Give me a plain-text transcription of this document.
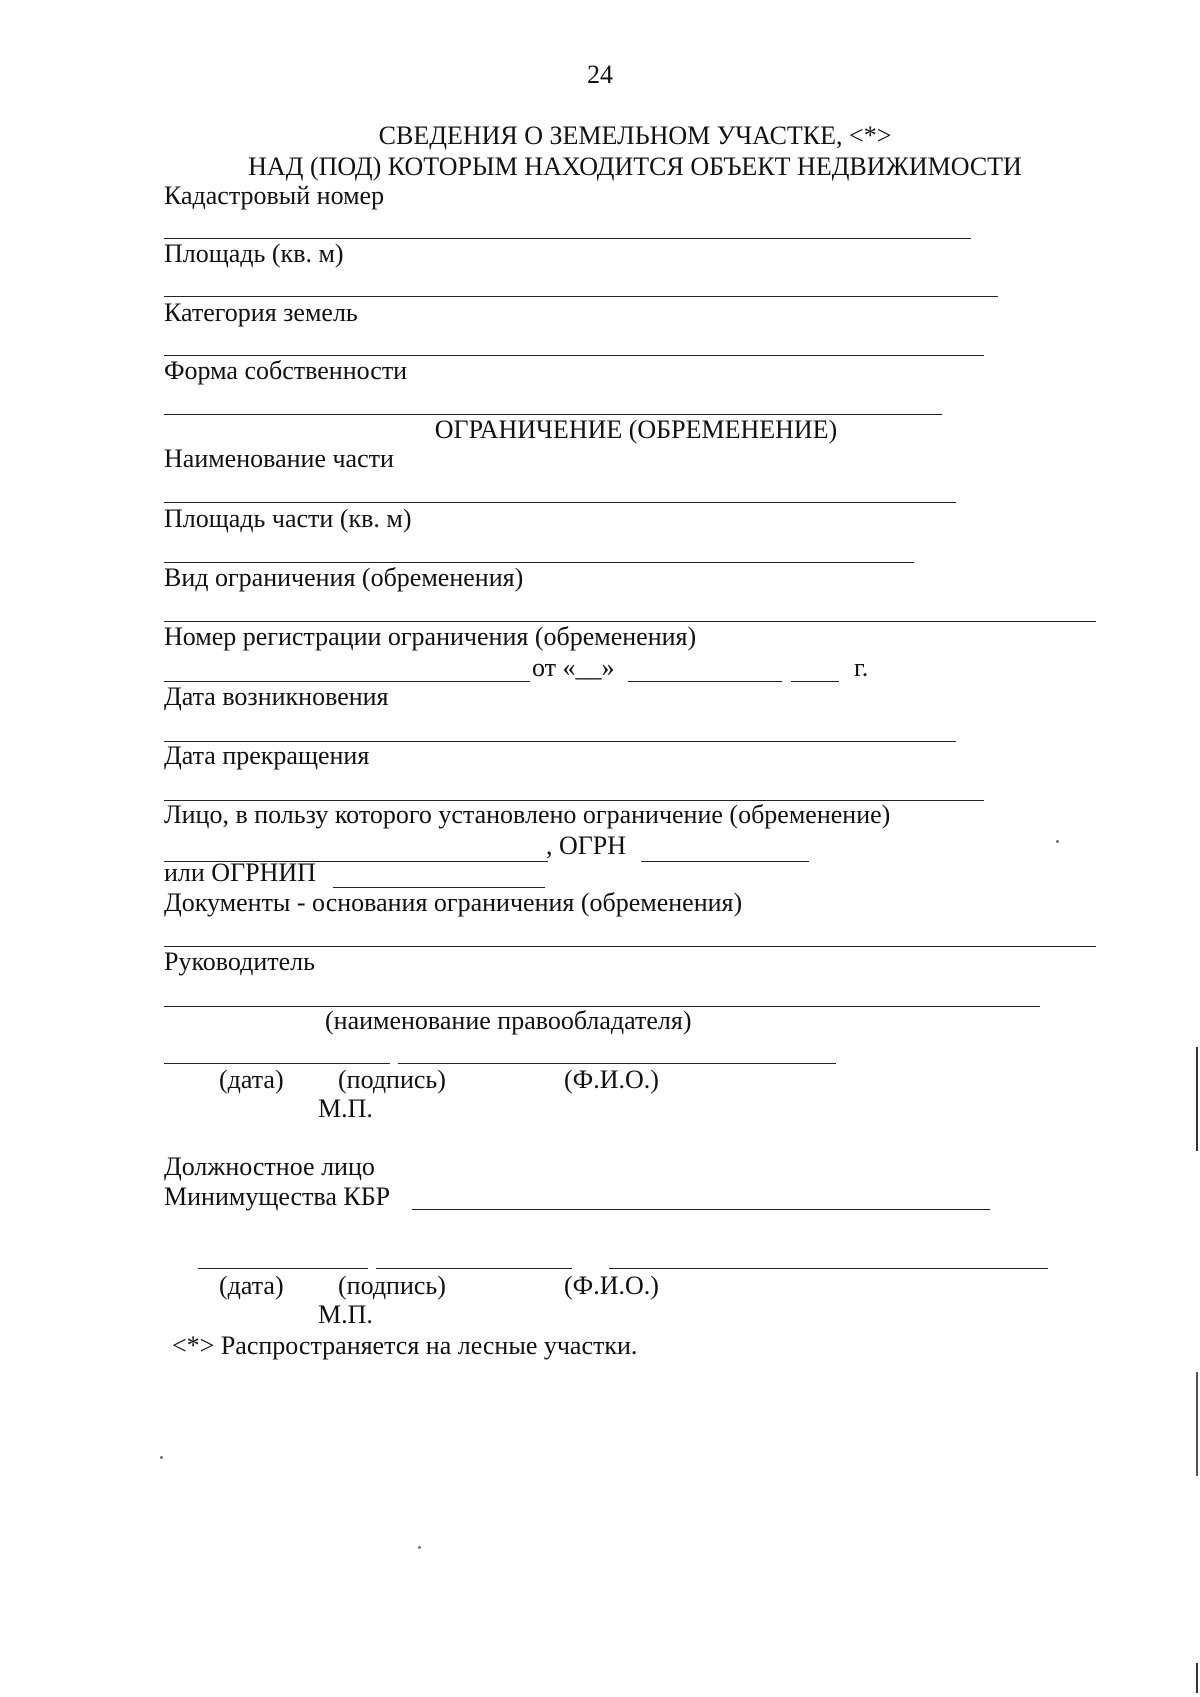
24
СВЕДЕНИЯ О ЗЕМЕЛЬНОМ УЧАСТКЕ, <*>
НАД (ПОД) КОТОРЫМ НАХОДИТСЯ ОБЪЕКТ НЕДВИЖИМОСТИ
Кадастровый номер
Площадь (кв. м)
Категория земель
Форма собственности
ОГРАНИЧЕНИЕ (ОБРЕМЕНЕНИЕ)
Наименование части
Площадь части (кв. м)
Вид ограничения (обременения)
Номер регистрации ограничения (обременения)
от «__»	г.
Дата возникновения
Дата прекращения
Лицо, в пользу которого установлено ограничение (обременение)
, ОГРН
или ОГРНИП
Документы - основания ограничения (обременения)
Руководитель
(наименование правообладателя)
(дата) (подпись)	(Ф.И.О.)
М.П.
Должностное лицо
Минимущества КБР
(дата) (подпись)	(Ф.И.О.)
М.П.
<*> Распространяется на лесные участки.
